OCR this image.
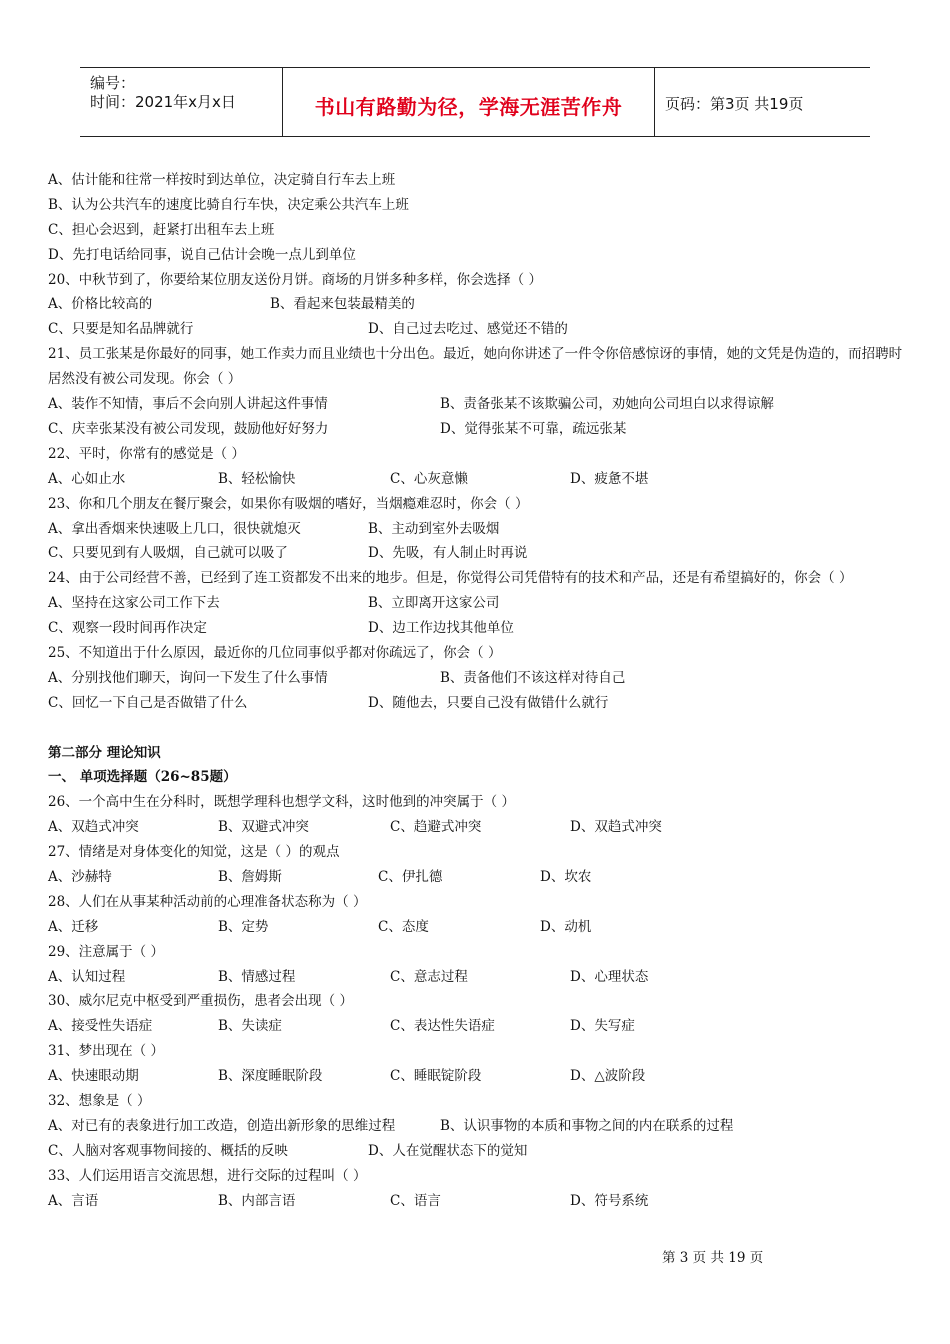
编号：
时间：2021年x月x日	书山有路勤为径，学海无涯苦作舟	页码：第3页 共19页
A、估计能和往常一样按时到达单位，决定骑自行车去上班
B、认为公共汽车的速度比骑自行车快，决定乘公共汽车上班
C、担心会迟到，赶紧打出租车去上班
D、先打电话给同事，说自己估计会晚一点儿到单位
20、中秋节到了，你要给某位朋友送份月饼。商场的月饼多种多样，你会选择（ ）
A、价格比较高的	B、看起来包装最精美的
C、只要是知名品牌就行	D、自己过去吃过、感觉还不错的
21、员工张某是你最好的同事，她工作卖力而且业绩也十分出色。最近，她向你讲述了一件令你倍感惊讶的事情，她的文凭是伪造的，而招聘时居然没有被公司发现。你会（ ）
A、装作不知情，事后不会向别人讲起这件事情	B、责备张某不该欺骗公司，劝她向公司坦白以求得谅解
C、庆幸张某没有被公司发现，鼓励他好好努力	D、觉得张某不可靠，疏远张某
22、平时，你常有的感觉是（ ）
A、心如止水	B、轻松愉快	C、心灰意懒	D、疲惫不堪
23、你和几个朋友在餐厅聚会，如果你有吸烟的嗜好，当烟瘾难忍时，你会（ ）
A、拿出香烟来快速吸上几口，很快就熄灭	B、主动到室外去吸烟
C、只要见到有人吸烟，自己就可以吸了	D、先吸，有人制止时再说
24、由于公司经营不善，已经到了连工资都发不出来的地步。但是，你觉得公司凭借特有的技术和产品，还是有希望搞好的，你会（ ）
A、坚持在这家公司工作下去	B、立即离开这家公司
C、观察一段时间再作决定	D、边工作边找其他单位
25、不知道出于什么原因，最近你的几位同事似乎都对你疏远了，你会（ ）
A、分别找他们聊天，询问一下发生了什么事情	B、责备他们不该这样对待自己
C、回忆一下自己是否做错了什么	D、随他去，只要自己没有做错什么就行
第二部分 理论知识
一、 单项选择题（26~85题）
26、一个高中生在分科时，既想学理科也想学文科，这时他到的冲突属于（ ）
A、双趋式冲突	B、双避式冲突	C、趋避式冲突	D、双趋式冲突
27、情绪是对身体变化的知觉，这是（ ）的观点
A、沙赫特	B、詹姆斯	C、伊扎德	D、坎农
28、人们在从事某种活动前的心理准备状态称为（ ）
A、迁移	B、定势	C、态度	D、动机
29、注意属于（ ）
A、认知过程	B、情感过程	C、意志过程	D、心理状态
30、威尔尼克中枢受到严重损伤，患者会出现（ ）
A、接受性失语症	B、失读症	C、表达性失语症	D、失写症
31、梦出现在（ ）
A、快速眼动期	B、深度睡眠阶段	C、睡眠锭阶段	D、△波阶段
32、想象是（ ）
A、对已有的表象进行加工改造，创造出新形象的思维过程	B、认识事物的本质和事物之间的内在联系的过程
C、人脑对客观事物间接的、概括的反映	D、人在觉醒状态下的觉知
33、人们运用语言交流思想，进行交际的过程叫（ ）
A、言语	B、内部言语	C、语言	D、符号系统
第 3 页 共 19 页
